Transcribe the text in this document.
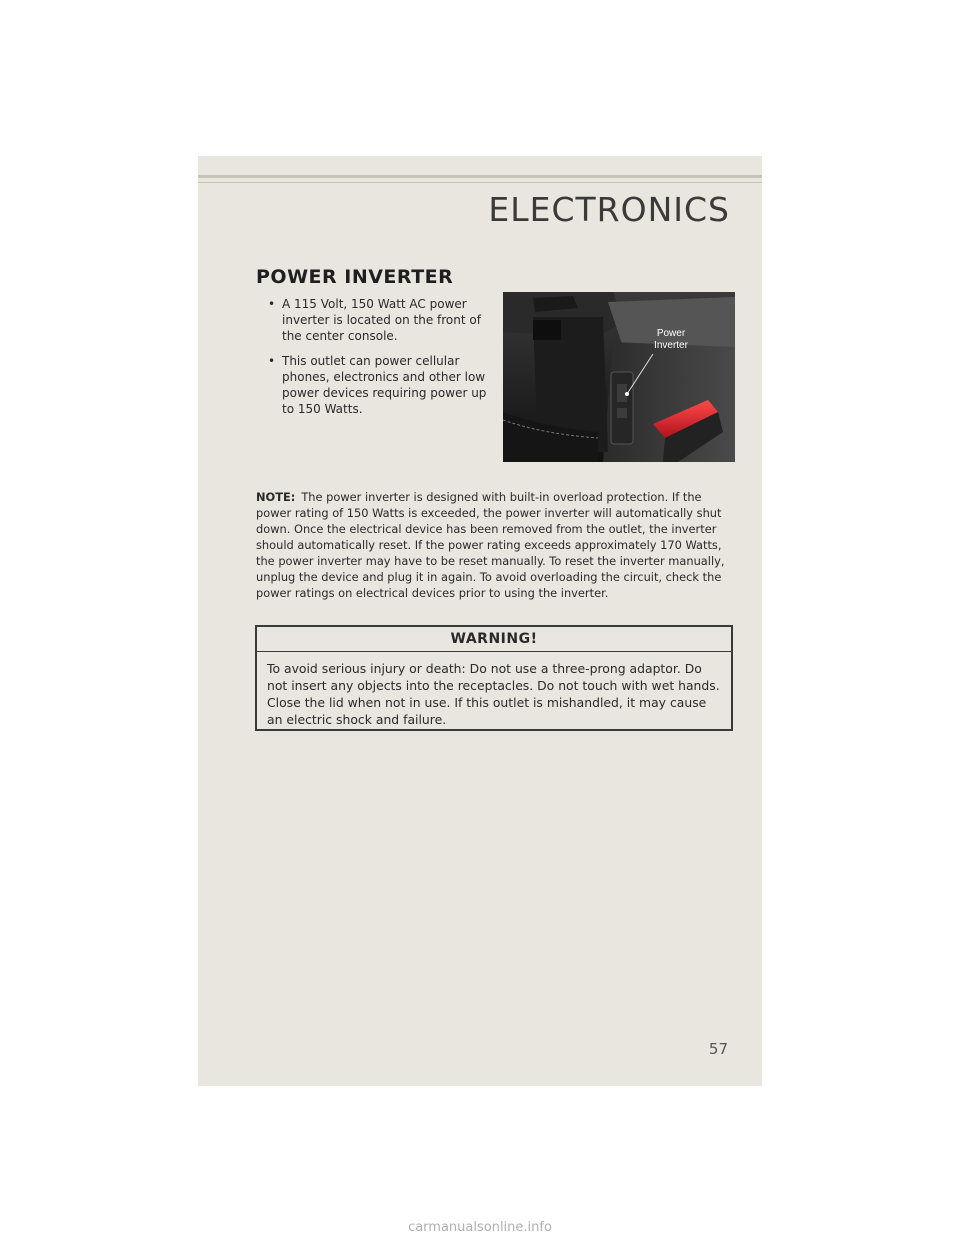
ELECTRONICS
POWER INVERTER
• A 115 Volt, 150 Watt AC power inverter is located on the front of the center console.
• This outlet can power cellular phones, electronics and other low power devices requiring power up to 150 Watts.
Power
Inverter

NOTE: The power inverter is designed with built-in overload protection. If the power rating of 150 Watts is exceeded, the power inverter will automatically shut down. Once the electrical device has been removed from the outlet, the inverter should automatically reset. If the power rating exceeds approximately 170 Watts, the power inverter may have to be reset manually. To reset the inverter manually, unplug the device and plug it in again. To avoid overloading the circuit, check the power ratings on electrical devices prior to using the inverter.

WARNING!
To avoid serious injury or death: Do not use a three-prong adaptor. Do not insert any objects into the receptacles. Do not touch with wet hands. Close the lid when not in use. If this outlet is mishandled, it may cause an electric shock and failure.
57
carmanualsonline.info
